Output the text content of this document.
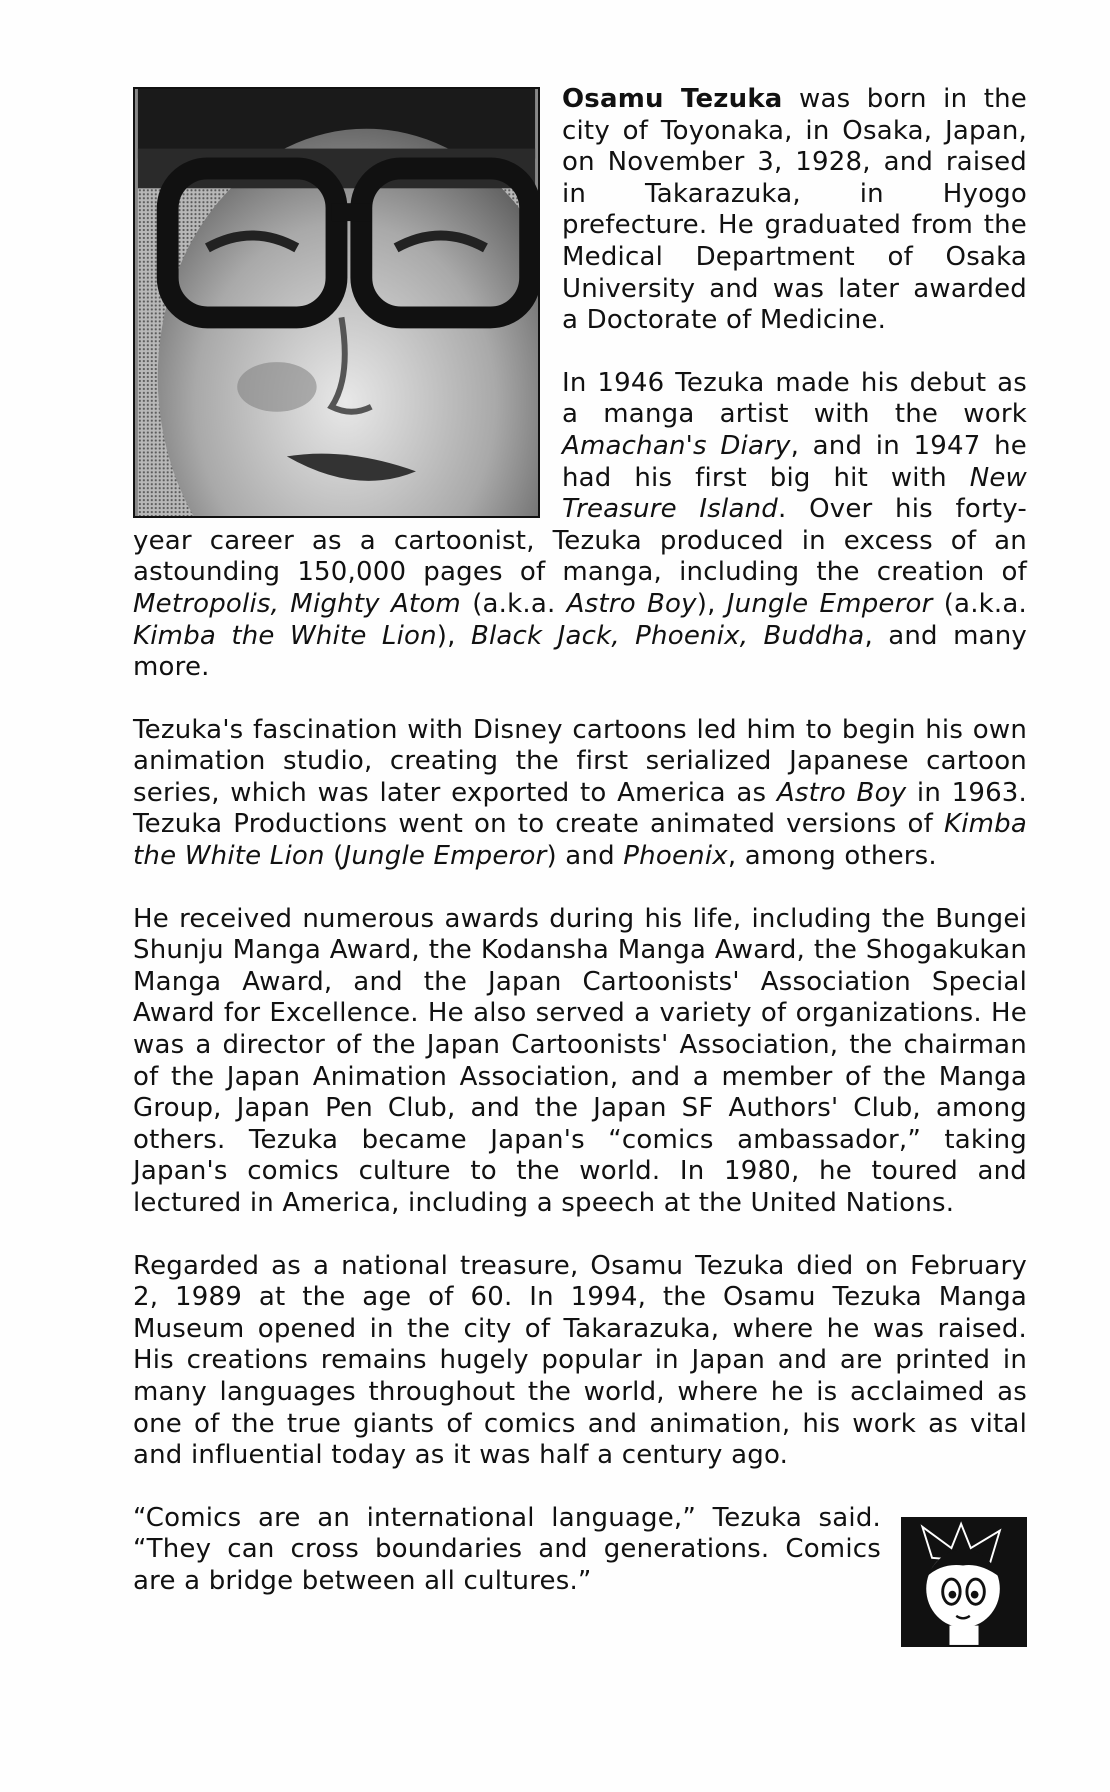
Osamu Tezuka was born in the city of Toyonaka, in Osaka, Japan, on November 3, 1928, and raised in Takarazuka, in Hyogo prefecture. He graduated from the Medical Department of Osaka University and was later awarded a Doctorate of Medicine.

In 1946 Tezuka made his debut as a manga artist with the work Amachan's Diary, and in 1947 he had his first big hit with New Treasure Island. Over his forty-year career as a cartoonist, Tezuka produced in excess of an astounding 150,000 pages of manga, including the creation of Metropolis, Mighty Atom (a.k.a. Astro Boy), Jungle Emperor (a.k.a. Kimba the White Lion), Black Jack, Phoenix, Buddha, and many more.

Tezuka's fascination with Disney cartoons led him to begin his own animation studio, creating the first serialized Japanese cartoon series, which was later exported to America as Astro Boy in 1963. Tezuka Productions went on to create animated versions of Kimba the White Lion (Jungle Emperor) and Phoenix, among others.

He received numerous awards during his life, including the Bungei Shunju Manga Award, the Kodansha Manga Award, the Shogakukan Manga Award, and the Japan Cartoonists' Association Special Award for Excellence. He also served a variety of organizations. He was a director of the Japan Cartoonists' Association, the chairman of the Japan Animation Association, and a member of the Manga Group, Japan Pen Club, and the Japan SF Authors' Club, among others. Tezuka became Japan's “comics ambassador,” taking Japan's comics culture to the world. In 1980, he toured and lectured in America, including a speech at the United Nations.

Regarded as a national treasure, Osamu Tezuka died on February 2, 1989 at the age of 60. In 1994, the Osamu Tezuka Manga Museum opened in the city of Takarazuka, where he was raised. His creations remains hugely popular in Japan and are printed in many languages throughout the world, where he is acclaimed as one of the true giants of comics and animation, his work as vital and influential today as it was half a century ago.

“Comics are an international language,” Tezuka said. “They can cross boundaries and generations. Comics are a bridge between all cultures.”
